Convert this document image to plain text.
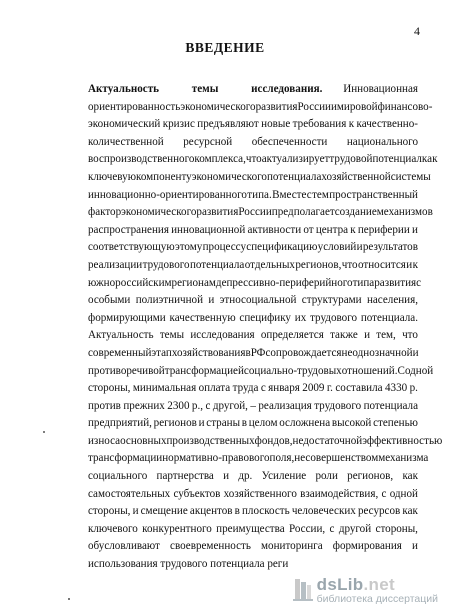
4
ВВЕДЕНИЕ
Актуальность темы исследования. Инновационная
ориентированность экономического развития России и мировой финансово-
экономический кризис предъявляют новые требования к качественно-
количественной ресурсной обеспеченности национального
воспроизводственного комплекса, что актуализирует трудовой потенциал как
ключевую компоненту экономического потенциала хозяйственной системы
инновационно-ориентированного типа. Вместе с тем пространственный
фактор экономического развития России предполагает создание механизмов
распространения инновационной активности от центра к периферии и
соответствующую этому процессу спецификацию условий и результатов
реализации трудового потенциала отдельных регионов, что относится и к
южнороссийским регионам депрессивно-периферийного типа развития с
особыми полиэтничной и этносоциальной структурами населения,
формирующими качественную специфику их трудового потенциала.
Актуальность темы исследования определяется также и тем, что
современный этап хозяйствования в РФ сопровождается неоднозначной и
противоречивой трансформацией социально-трудовых отношений. С одной
стороны, минимальная оплата труда с января 2009 г. составила 4330 р.
против прежних 2300 р., с другой, – реализация трудового потенциала
предприятий, регионов и страны в целом осложнена высокой степенью
износа основных производственных фондов, недостаточной эффективностью
трансформации нормативно-правового поля, несовершенством механизма
социального партнерства и др. Усиление роли регионов, как
самостоятельных субъектов хозяйственного взаимодействия, с одной
стороны, и смещение акцентов в плоскость человеческих ресурсов как
ключевого конкурентного преимущества России, с другой стороны,
обусловливают своевременность мониторинга формирования и
использования трудового потенциала реги
dsLib.net
библиотека диссертаций
